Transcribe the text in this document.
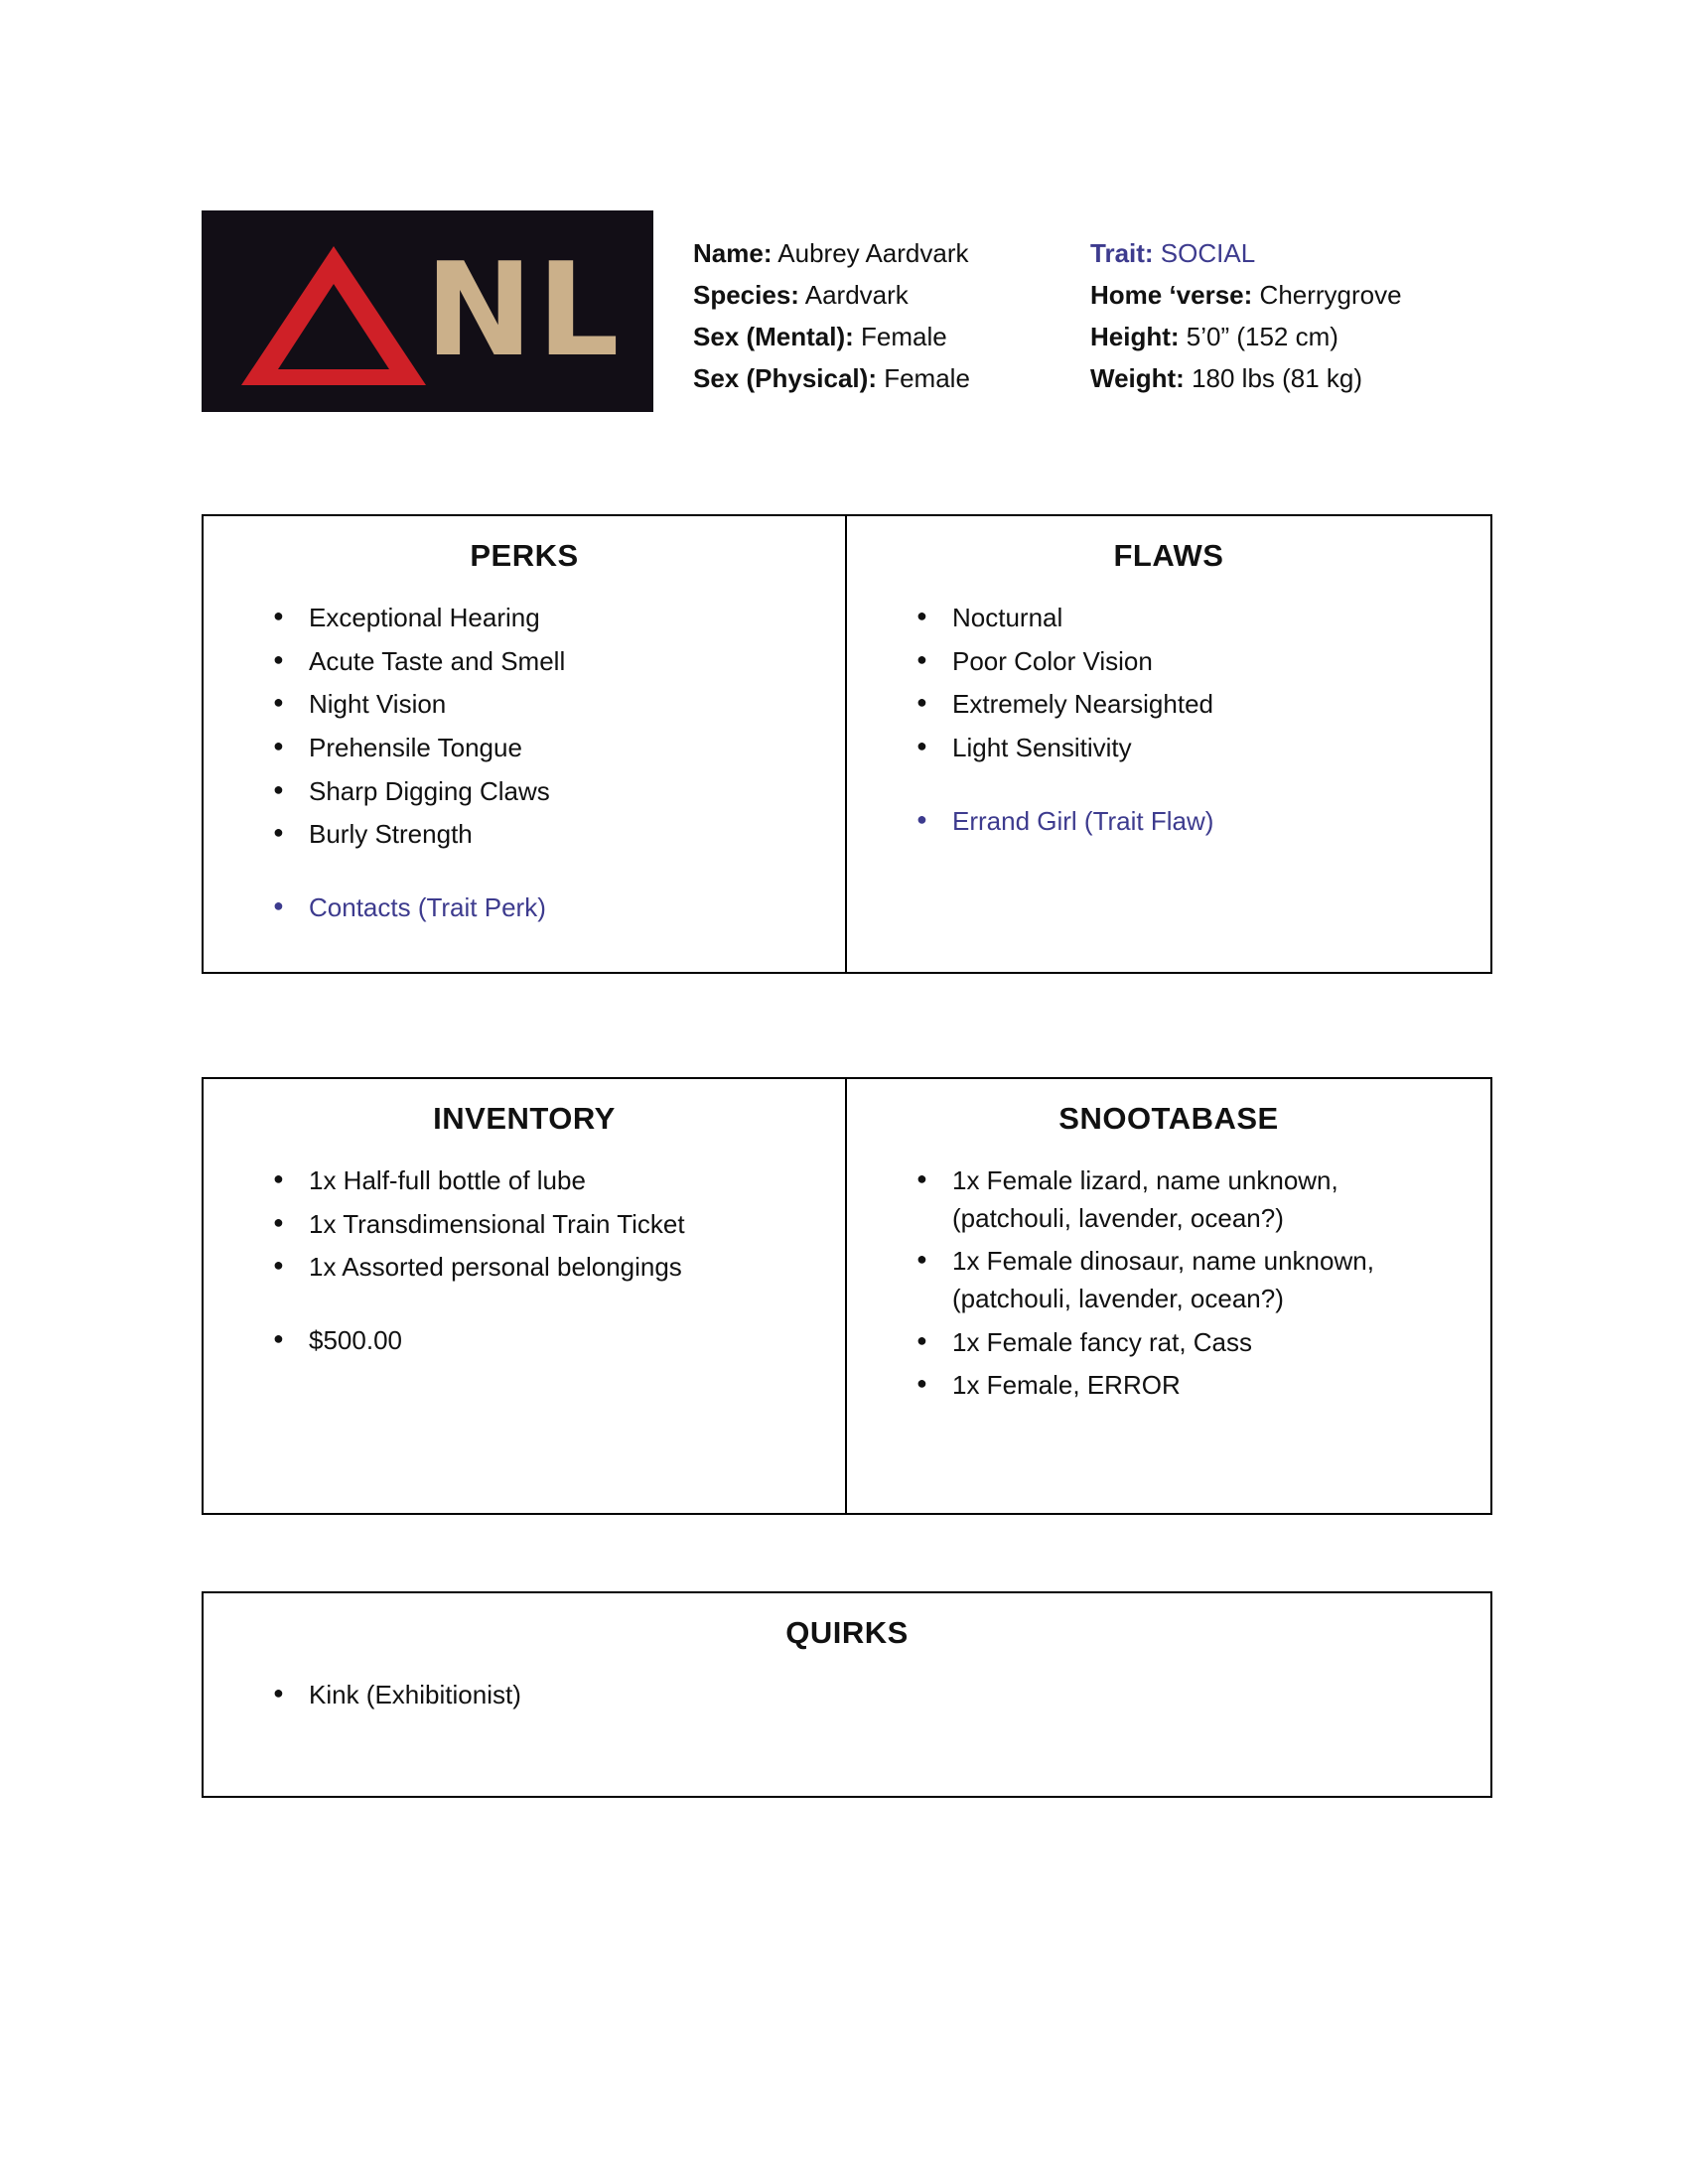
NL	Name: Aubrey Aardvark
Species: Aardvark
Sex (Mental): Female
Sex (Physical): Female
Trait: SOCIAL
Home ‘verse: Cherrygrove
Height: 5’0” (152 cm)
Weight: 180 lbs (81 kg)
PERKS
● Exceptional Hearing
● Acute Taste and Smell
● Night Vision
● Prehensile Tongue
● Sharp Digging Claws
● Burly Strength
● Contacts (Trait Perk)
FLAWS
● Nocturnal
● Poor Color Vision
● Extremely Nearsighted
● Light Sensitivity
● Errand Girl (Trait Flaw)
INVENTORY
● 1x Half-full bottle of lube
● 1x Transdimensional Train Ticket
● 1x Assorted personal belongings
● $500.00
SNOOTABASE
● 1x Female lizard, name unknown, (patchouli, lavender, ocean?)
● 1x Female dinosaur, name unknown, (patchouli, lavender, ocean?)
● 1x Female fancy rat, Cass
● 1x Female, ERROR
QUIRKS
● Kink (Exhibitionist)
